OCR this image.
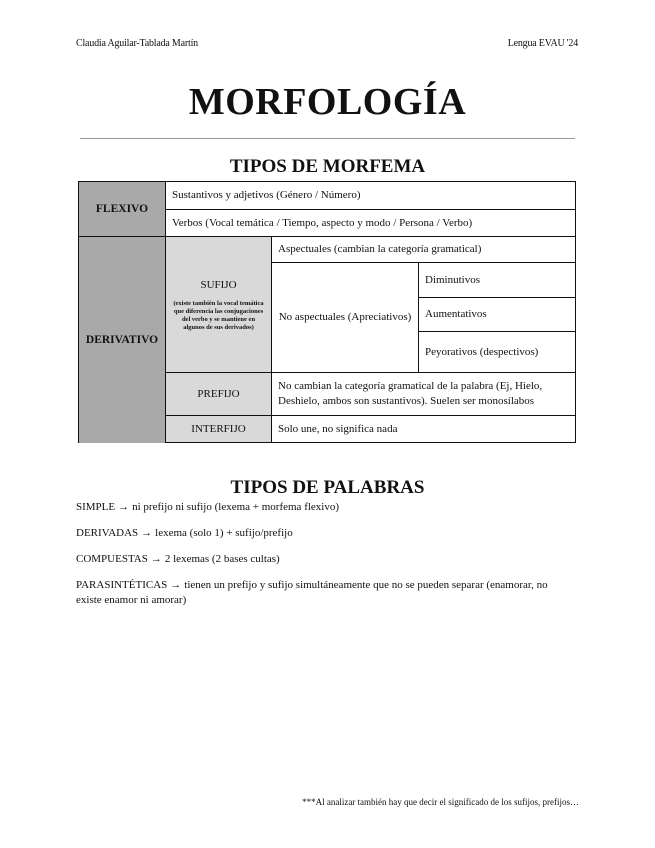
Claudia Aguilar-Tablada Martín	Lengua EVAU '24
MORFOLOGÍA
TIPOS DE MORFEMA
FLEXIVO
Sustantivos y adjetivos (Género / Número)
Verbos (Vocal temática / Tiempo, aspecto y modo / Persona / Verbo)
DERIVATIVO
SUFIJO
(existe también la vocal temática que diferencia las conjugaciones del verbo y se mantiene en algunos de sus derivados)
Aspectuales (cambian la categoría gramatical)
No aspectuales (Apreciativos)
Diminutivos
Aumentativos
Peyorativos (despectivos)
PREFIJO
No cambian la categoría gramatical de la palabra (Ej, Hielo, Deshielo, ambos son sustantivos). Suelen ser monosílabos
INTERFIJO	Solo une, no significa nada
TIPOS DE PALABRAS
SIMPLE → ni prefijo ni sufijo (lexema + morfema flexivo)
DERIVADAS → lexema (solo 1) + sufijo/prefijo
COMPUESTAS → 2 lexemas (2 bases cultas)
PARASINTÉTICAS → tienen un prefijo y sufijo simultáneamente que no se pueden separar (enamorar, no existe enamor ni amorar)
***Al analizar también hay que decir el significado de los sufijos, prefijos…
